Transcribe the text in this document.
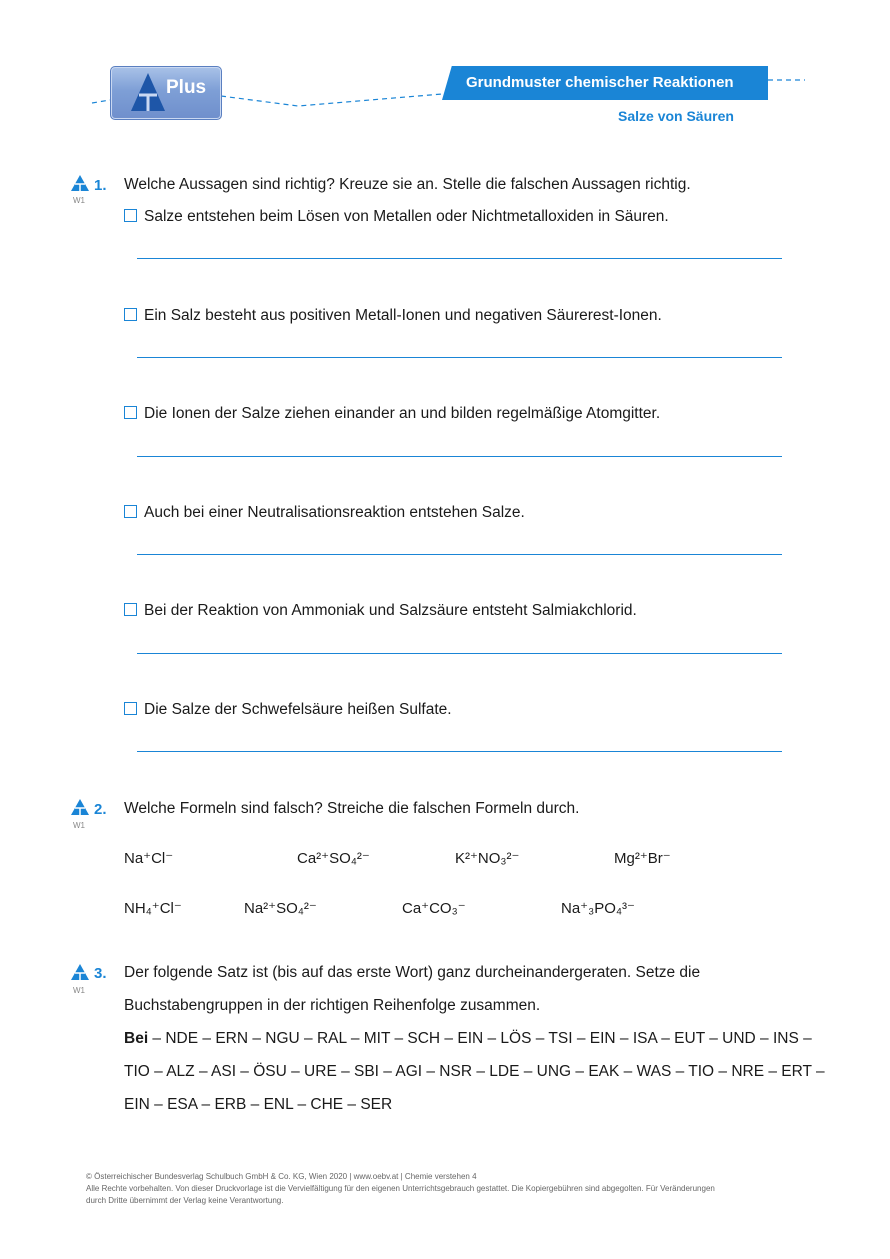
Plus	Grundmuster chemischer Reaktionen
Salze von Säuren
W1
1. Welche Aussagen sind richtig? Kreuze sie an. Stelle die falschen Aussagen richtig.
Salze entstehen beim Lösen von Metallen oder Nichtmetalloxiden in Säuren.
Ein Salz besteht aus positiven Metall-Ionen und negativen Säurerest-Ionen.
Die Ionen der Salze ziehen einander an und bilden regelmäßige Atomgitter.
Auch bei einer Neutralisationsreaktion entstehen Salze.
Bei der Reaktion von Ammoniak und Salzsäure entsteht Salmiakchlorid.
Die Salze der Schwefelsäure heißen Sulfate.
W1
2. Welche Formeln sind falsch? Streiche die falschen Formeln durch.
Na⁺Cl⁻	Ca²⁺SO₄²⁻	K²⁺NO₃²⁻	Mg²⁺Br⁻
NH₄⁺Cl⁻	Na²⁺SO₄²⁻	Ca⁺CO₃⁻	Na⁺₃PO₄³⁻
W1
3. Der folgende Satz ist (bis auf das erste Wort) ganz durcheinandergeraten. Setze die
Buchstabengruppen in der richtigen Reihenfolge zusammen.
Bei – NDE – ERN – NGU – RAL – MIT – SCH – EIN – LÖS – TSI – EIN – ISA – EUT – UND – INS –
TIO – ALZ – ASI – ÖSU – URE – SBI – AGI – NSR – LDE – UNG – EAK – WAS – TIO – NRE – ERT –
EIN – ESA – ERB – ENL – CHE – SER
© Österreichischer Bundesverlag Schulbuch GmbH & Co. KG, Wien 2020 | www.oebv.at | Chemie verstehen 4
Alle Rechte vorbehalten. Von dieser Druckvorlage ist die Vervielfältigung für den eigenen Unterrichtsgebrauch gestattet. Die Kopiergebühren sind abgegolten. Für Veränderungen
durch Dritte übernimmt der Verlag keine Verantwortung.
